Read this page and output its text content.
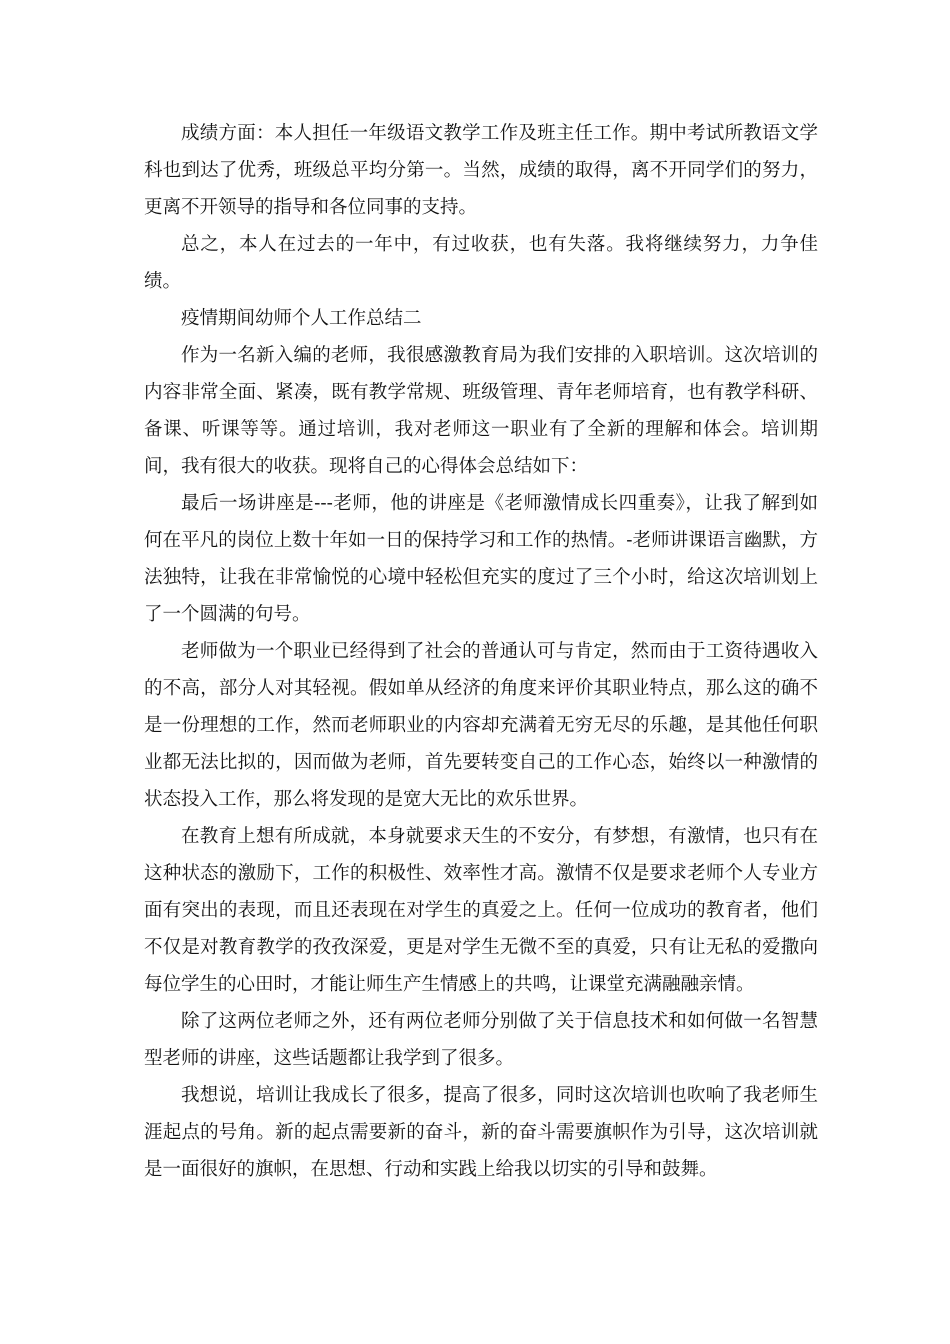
成绩方面：本人担任一年级语文教学工作及班主任工作。期中考试所教语文学科也到达了优秀，班级总平均分第一。当然，成绩的取得，离不开同学们的努力，更离不开领导的指导和各位同事的支持。

总之，本人在过去的一年中，有过收获，也有失落。我将继续努力，力争佳绩。

疫情期间幼师个人工作总结二

作为一名新入编的老师，我很感激教育局为我们安排的入职培训。这次培训的内容非常全面、紧凑，既有教学常规、班级管理、青年老师培育，也有教学科研、备课、听课等等。通过培训，我对老师这一职业有了全新的理解和体会。培训期间，我有很大的收获。现将自己的心得体会总结如下：

最后一场讲座是---老师，他的讲座是《老师激情成长四重奏》，让我了解到如何在平凡的岗位上数十年如一日的保持学习和工作的热情。-老师讲课语言幽默，方法独特，让我在非常愉悦的心境中轻松但充实的度过了三个小时，给这次培训划上了一个圆满的句号。

老师做为一个职业已经得到了社会的普通认可与肯定，然而由于工资待遇收入的不高，部分人对其轻视。假如单从经济的角度来评价其职业特点，那么这的确不是一份理想的工作，然而老师职业的内容却充满着无穷无尽的乐趣，是其他任何职业都无法比拟的，因而做为老师，首先要转变自己的工作心态，始终以一种激情的状态投入工作，那么将发现的是宽大无比的欢乐世界。

在教育上想有所成就，本身就要求天生的不安分，有梦想，有激情，也只有在这种状态的激励下，工作的积极性、效率性才高。激情不仅是要求老师个人专业方面有突出的表现，而且还表现在对学生的真爱之上。任何一位成功的教育者，他们不仅是对教育教学的孜孜深爱，更是对学生无微不至的真爱，只有让无私的爱撒向每位学生的心田时，才能让师生产生情感上的共鸣，让课堂充满融融亲情。

除了这两位老师之外，还有两位老师分别做了关于信息技术和如何做一名智慧型老师的讲座，这些话题都让我学到了很多。

我想说，培训让我成长了很多，提高了很多，同时这次培训也吹响了我老师生涯起点的号角。新的起点需要新的奋斗，新的奋斗需要旗帜作为引导，这次培训就是一面很好的旗帜，在思想、行动和实践上给我以切实的引导和鼓舞。
